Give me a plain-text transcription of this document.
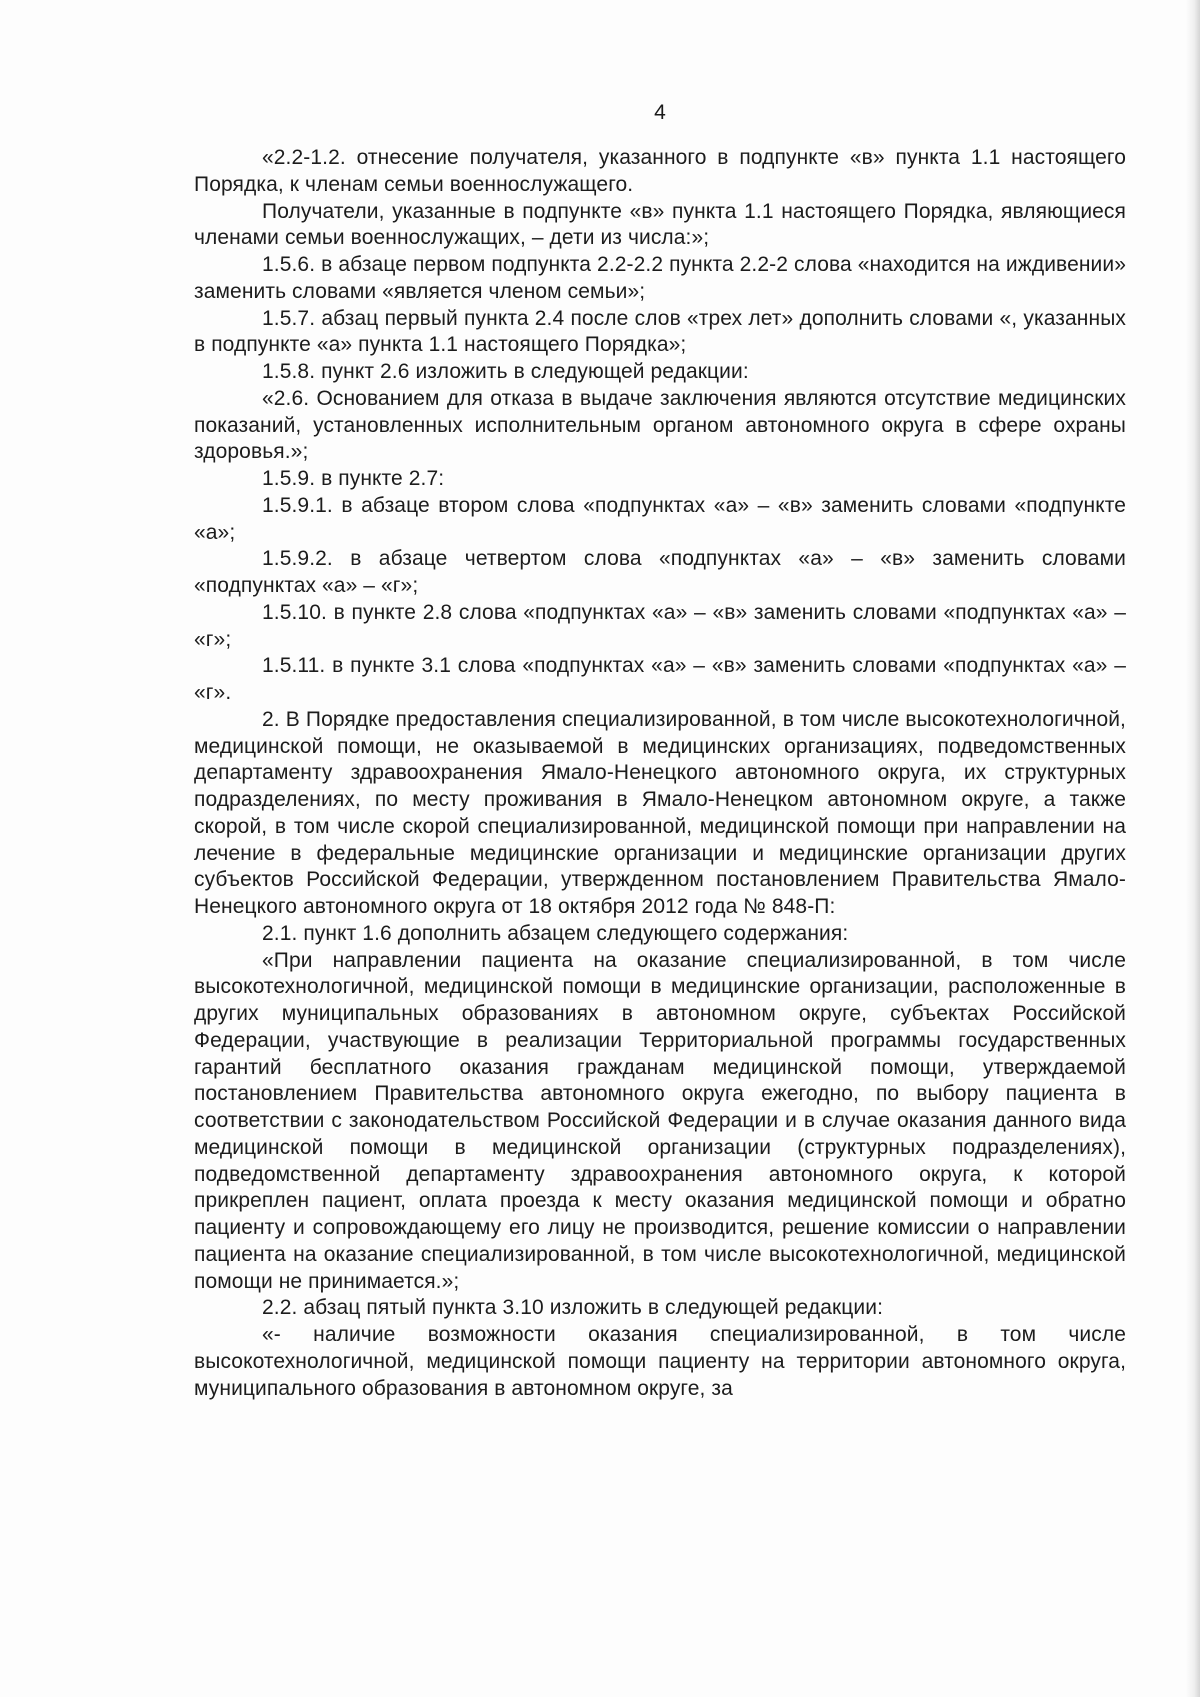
4

«2.2-1.2. отнесение получателя, указанного в подпункте «в» пункта 1.1 настоящего Порядка, к членам семьи военнослужащего.

Получатели, указанные в подпункте «в» пункта 1.1 настоящего Порядка, являющиеся членами семьи военнослужащих, – дети из числа:»;

1.5.6. в абзаце первом подпункта 2.2-2.2 пункта 2.2-2 слова «находится на иждивении» заменить словами «является членом семьи»;

1.5.7. абзац первый пункта 2.4 после слов «трех лет» дополнить словами «, указанных в подпункте «а» пункта 1.1 настоящего Порядка»;

1.5.8. пункт 2.6 изложить в следующей редакции:

«2.6. Основанием для отказа в выдаче заключения являются отсутствие медицинских показаний, установленных исполнительным органом автономного округа в сфере охраны здоровья.»;

1.5.9. в пункте 2.7:

1.5.9.1. в абзаце втором слова «подпунктах «а» – «в» заменить словами «подпункте «а»;

1.5.9.2. в абзаце четвертом слова «подпунктах «а» – «в» заменить словами «подпунктах «а» – «г»;

1.5.10. в пункте 2.8 слова «подпунктах «а» – «в» заменить словами «подпунктах «а» – «г»;

1.5.11. в пункте 3.1 слова «подпунктах «а» – «в» заменить словами «подпунктах «а» – «г».

2. В Порядке предоставления специализированной, в том числе высокотехнологичной, медицинской помощи, не оказываемой в медицинских организациях, подведомственных департаменту здравоохранения Ямало-Ненецкого автономного округа, их структурных подразделениях, по месту проживания в Ямало-Ненецком автономном округе, а также скорой, в том числе скорой специализированной, медицинской помощи при направлении на лечение в федеральные медицинские организации и медицинские организации других субъектов Российской Федерации, утвержденном постановлением Правительства Ямало-Ненецкого автономного округа от 18 октября 2012 года № 848-П:

2.1. пункт 1.6 дополнить абзацем следующего содержания:

«При направлении пациента на оказание специализированной, в том числе высокотехнологичной, медицинской помощи в медицинские организации, расположенные в других муниципальных образованиях в автономном округе, субъектах Российской Федерации, участвующие в реализации Территориальной программы государственных гарантий бесплатного оказания гражданам медицинской помощи, утверждаемой постановлением Правительства автономного округа ежегодно, по выбору пациента в соответствии с законодательством Российской Федерации и в случае оказания данного вида медицинской помощи в медицинской организации (структурных подразделениях), подведомственной департаменту здравоохранения автономного округа, к которой прикреплен пациент, оплата проезда к месту оказания медицинской помощи и обратно пациенту и сопровождающему его лицу не производится, решение комиссии о направлении пациента на оказание специализированной, в том числе высокотехнологичной, медицинской помощи не принимается.»;

2.2. абзац пятый пункта 3.10 изложить в следующей редакции:

«- наличие возможности оказания специализированной, в том числе высокотехнологичной, медицинской помощи пациенту на территории автономного округа, муниципального образования в автономном округе, за
